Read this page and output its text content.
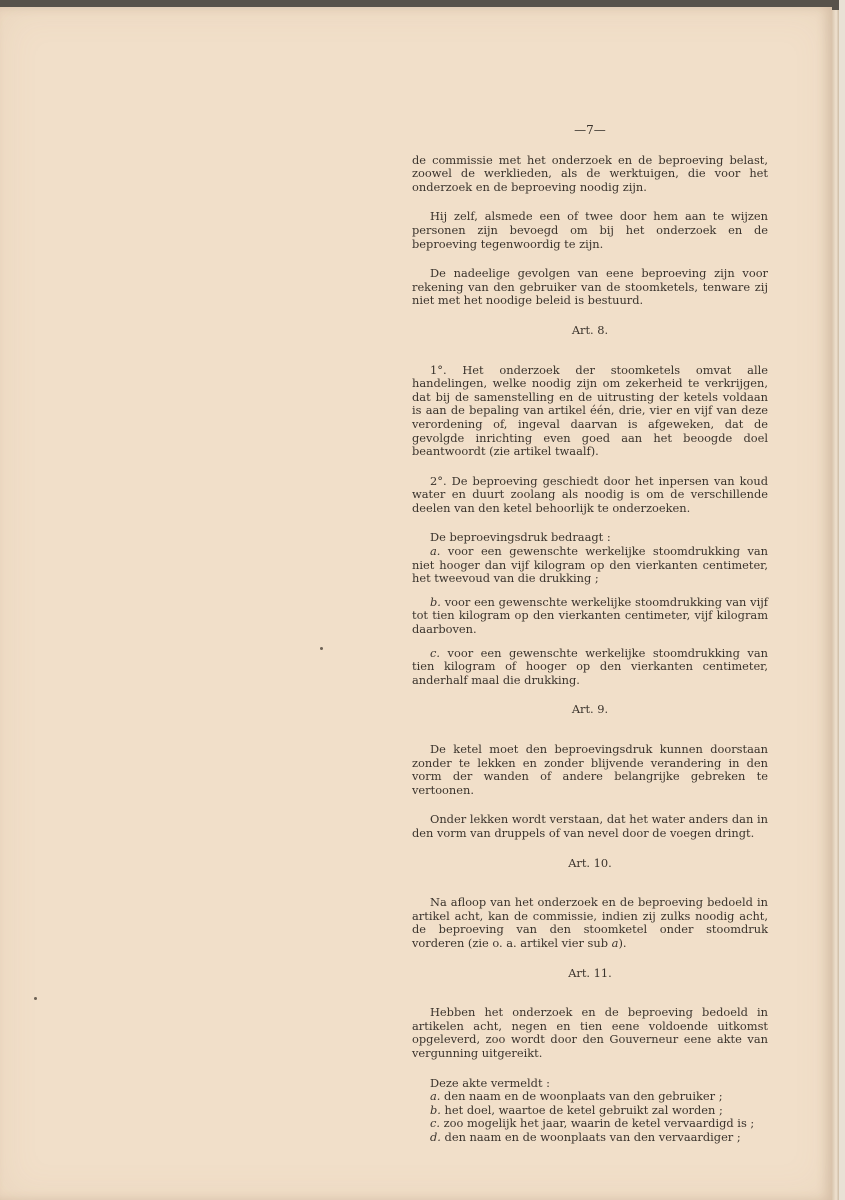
—7—

de commissie met het onderzoek en de beproeving belast, zoowel de werklieden, als de werktuigen, die voor het onderzoek en de beproeving noodig zijn.

Hij zelf, alsmede een of twee door hem aan te wijzen personen zijn bevoegd om bij het onderzoek en de beproeving tegenwoordig te zijn.

De nadeelige gevolgen van eene beproeving zijn voor rekening van den gebruiker van de stoomketels, tenware zij niet met het noodige beleid is bestuurd.

Art. 8.

1°. Het onderzoek der stoomketels omvat alle handelingen, welke noodig zijn om zekerheid te verkrijgen, dat bij de samenstelling en de uitrusting der ketels voldaan is aan de bepaling van artikel één, drie, vier en vijf van deze verordening of, ingeval daarvan is afgeweken, dat de gevolgde inrichting even goed aan het beoogde doel beantwoordt (zie artikel twaalf).

2°. De beproeving geschiedt door het inpersen van koud water en duurt zoolang als noodig is om de verschillende deelen van den ketel behoorlijk te onderzoeken.

De beproevingsdruk bedraagt :

a. voor een gewenschte werkelijke stoomdrukking van niet hooger dan vijf kilogram op den vierkanten centimeter, het tweevoud van die drukking ;
b. voor een gewenschte werkelijke stoomdrukking van vijf tot tien kilogram op den vierkanten centimeter, vijf kilogram daarboven.
c. voor een gewenschte werkelijke stoomdrukking van tien kilogram of hooger op den vierkanten centimeter, anderhalf maal die drukking.
Art. 9.

De ketel moet den beproevingsdruk kunnen doorstaan zonder te lekken en zonder blijvende verandering in den vorm der wanden of andere belangrijke gebreken te vertoonen.

Onder lekken wordt verstaan, dat het water anders dan in den vorm van druppels of van nevel door de voegen dringt.

Art. 10.

Na afloop van het onderzoek en de beproeving bedoeld in artikel acht, kan de commissie, indien zij zulks noodig acht, de beproeving van den stoomketel onder stoomdruk vorderen (zie o. a. artikel vier sub a).

Art. 11.

Hebben het onderzoek en de beproeving bedoeld in artikelen acht, negen en tien eene voldoende uitkomst opgeleverd, zoo wordt door den Gouverneur eene akte van vergunning uitgereikt.

Deze akte vermeldt :
a. den naam en de woonplaats van den gebruiker ;
b. het doel, waartoe de ketel gebruikt zal worden ;
c. zoo mogelijk het jaar, waarin de ketel vervaardigd is ;
d. den naam en de woonplaats van den vervaardiger ;
